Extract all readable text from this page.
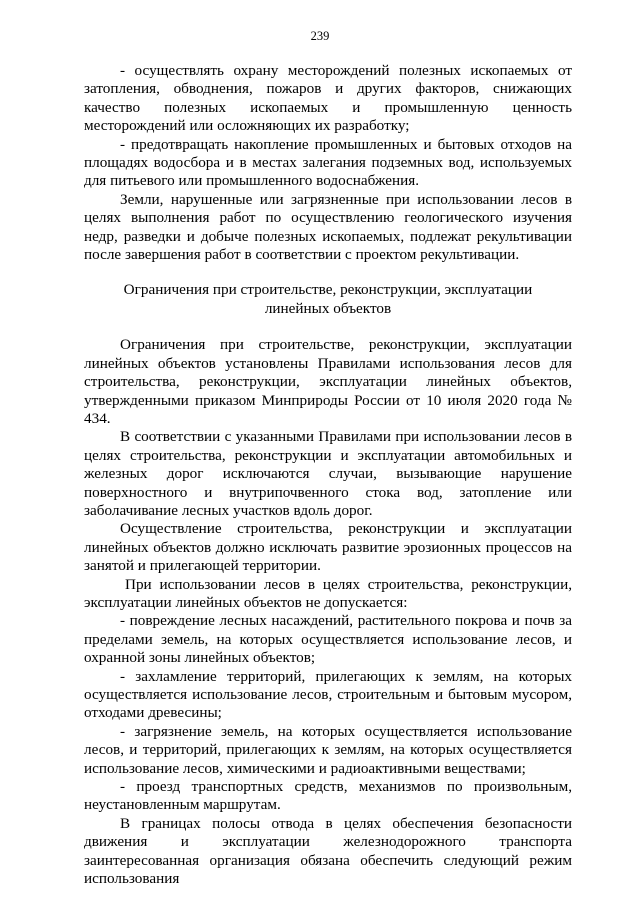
239

- осуществлять охрану месторождений полезных ископаемых от затопления, обводнения, пожаров и других факторов, снижающих качество полезных ископаемых и промышленную ценность месторождений или осложняющих их разработку;

- предотвращать накопление промышленных и бытовых отходов на площадях водосбора и в местах залегания подземных вод, используемых для питьевого или промышленного водоснабжения.

Земли, нарушенные или загрязненные при использовании лесов в целях выполнения работ по осуществлению геологического изучения недр, разведки и добыче полезных ископаемых, подлежат рекультивации после завершения работ в соответствии с проектом рекультивации.

Ограничения при строительстве, реконструкции, эксплуатации линейных объектов

Ограничения при строительстве, реконструкции, эксплуатации линейных объектов установлены Правилами использования лесов для строительства, реконструкции, эксплуатации линейных объектов, утвержденными приказом Минприроды России от 10 июля 2020 года № 434.

В соответствии с указанными Правилами при использовании лесов в целях строительства, реконструкции и эксплуатации автомобильных и железных дорог исключаются случаи, вызывающие нарушение поверхностного и внутрипочвенного стока вод, затопление или заболачивание лесных участков вдоль дорог.

Осуществление строительства, реконструкции и эксплуатации линейных объектов должно исключать развитие эрозионных процессов на занятой и прилегающей территории.

При использовании лесов в целях строительства, реконструкции, эксплуатации линейных объектов не допускается:

- повреждение лесных насаждений, растительного покрова и почв за пределами земель, на которых осуществляется использование лесов, и охранной зоны линейных объектов;

- захламление территорий, прилегающих к землям, на которых осуществляется использование лесов, строительным и бытовым мусором, отходами древесины;

- загрязнение земель, на которых осуществляется использование лесов, и территорий, прилегающих к землям, на которых осуществляется использование лесов, химическими и радиоактивными веществами;

- проезд транспортных средств, механизмов по произвольным, неустановленным маршрутам.

В границах полосы отвода в целях обеспечения безопасности движения и эксплуатации железнодорожного транспорта заинтересованная организация обязана обеспечить следующий режим использования
